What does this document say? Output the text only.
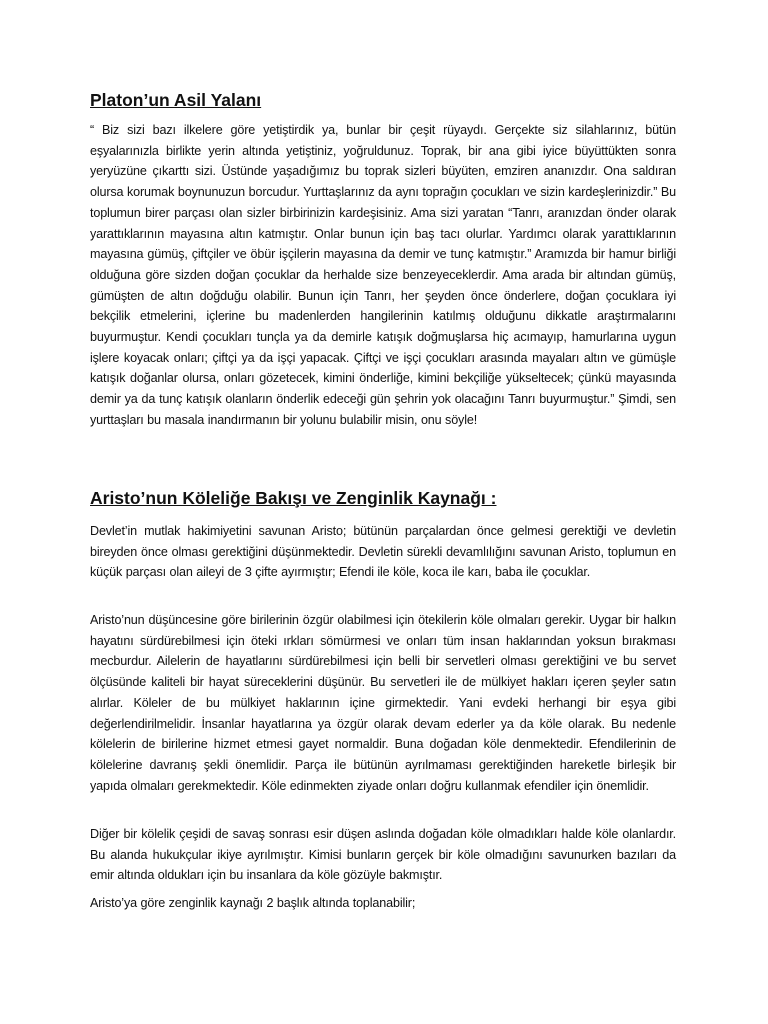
Platon’un Asil Yalanı

“ Biz sizi bazı ilkelere göre yetiştirdik ya, bunlar bir çeşit rüyaydı. Gerçekte siz silahlarınız, bütün eşyalarınızla birlikte yerin altında yetiştiniz, yoğruldunuz. Toprak, bir ana gibi iyice büyüttükten sonra yeryüzüne çıkarttı sizi. Üstünde yaşadığımız bu toprak sizleri büyüten, emziren ananızdır. Ona saldıran olursa korumak boynunuzun borcudur. Yurttaşlarınız da aynı toprağın çocukları ve sizin kardeşlerinizdir.” Bu toplumun birer parçası olan sizler birbirinizin kardeşisiniz. Ama sizi yaratan “Tanrı, aranızdan önder olarak yarattıklarının mayasına altın katmıştır. Onlar bunun için baş tacı olurlar. Yardımcı olarak yarattıklarının mayasına gümüş, çiftçiler ve öbür işçilerin mayasına da demir ve tunç katmıştır.” Aramızda bir hamur birliği olduğuna göre sizden doğan çocuklar da herhalde size benzeyeceklerdir. Ama arada bir altından gümüş, gümüşten de altın doğduğu olabilir. Bunun için Tanrı, her şeyden önce önderlere, doğan çocuklara iyi bekçilik etmelerini, içlerine bu madenlerden hangilerinin katılmış olduğunu dikkatle araştırmalarını buyurmuştur. Kendi çocukları tunçla ya da demirle katışık doğmuşlarsa hiç acımayıp, hamurlarına uygun işlere koyacak onları; çiftçi ya da işçi yapacak. Çiftçi ve işçi çocukları arasında mayaları altın ve gümüşle katışık doğanlar olursa, onları gözetecek, kimini önderliğe, kimini bekçiliğe yükseltecek; çünkü mayasında demir ya da tunç katışık olanların önderlik edeceği gün şehrin yok olacağını Tanrı buyurmuştur.” Şimdi, sen yurttaşları bu masala inandırmanın bir yolunu bulabilir misin, onu söyle!

Aristo’nun Köleliğe Bakışı ve Zenginlik Kaynağı :

Devlet’in mutlak hakimiyetini savunan Aristo; bütünün parçalardan önce gelmesi gerektiği ve devletin bireyden önce olması gerektiğini düşünmektedir. Devletin sürekli devamlılığını savunan Aristo, toplumun en küçük parçası olan aileyi de 3 çifte ayırmıştır; Efendi ile köle, koca ile karı, baba ile çocuklar.

Aristo’nun düşüncesine göre birilerinin özgür olabilmesi için ötekilerin köle olmaları gerekir. Uygar bir halkın hayatını sürdürebilmesi için öteki ırkları sömürmesi ve onları tüm insan haklarından yoksun bırakması mecburdur. Ailelerin de hayatlarını sürdürebilmesi için belli bir servetleri olması gerektiğini ve bu servet ölçüsünde kaliteli bir hayat süreceklerini düşünür. Bu servetleri ile de mülkiyet hakları içeren şeyler satın alırlar. Köleler de bu mülkiyet haklarının içine girmektedir. Yani evdeki herhangi bir eşya gibi değerlendirilmelidir. İnsanlar hayatlarına ya özgür olarak devam ederler ya da köle olarak. Bu nedenle kölelerin de birilerine hizmet etmesi gayet normaldir. Buna doğadan köle denmektedir. Efendilerinin de kölelerine davranış şekli önemlidir. Parça ile bütünün ayrılmaması gerektiğinden hareketle birleşik bir yapıda olmaları gerekmektedir. Köle edinmekten ziyade onları doğru kullanmak efendiler için önemlidir.

Diğer bir kölelik çeşidi de savaş sonrası esir düşen aslında doğadan köle olmadıkları halde köle olanlardır. Bu alanda hukukçular ikiye ayrılmıştır. Kimisi bunların gerçek bir köle olmadığını savunurken bazıları da emir altında oldukları için bu insanlara da köle gözüyle bakmıştır.

Aristo’ya göre zenginlik kaynağı 2 başlık altında toplanabilir;
